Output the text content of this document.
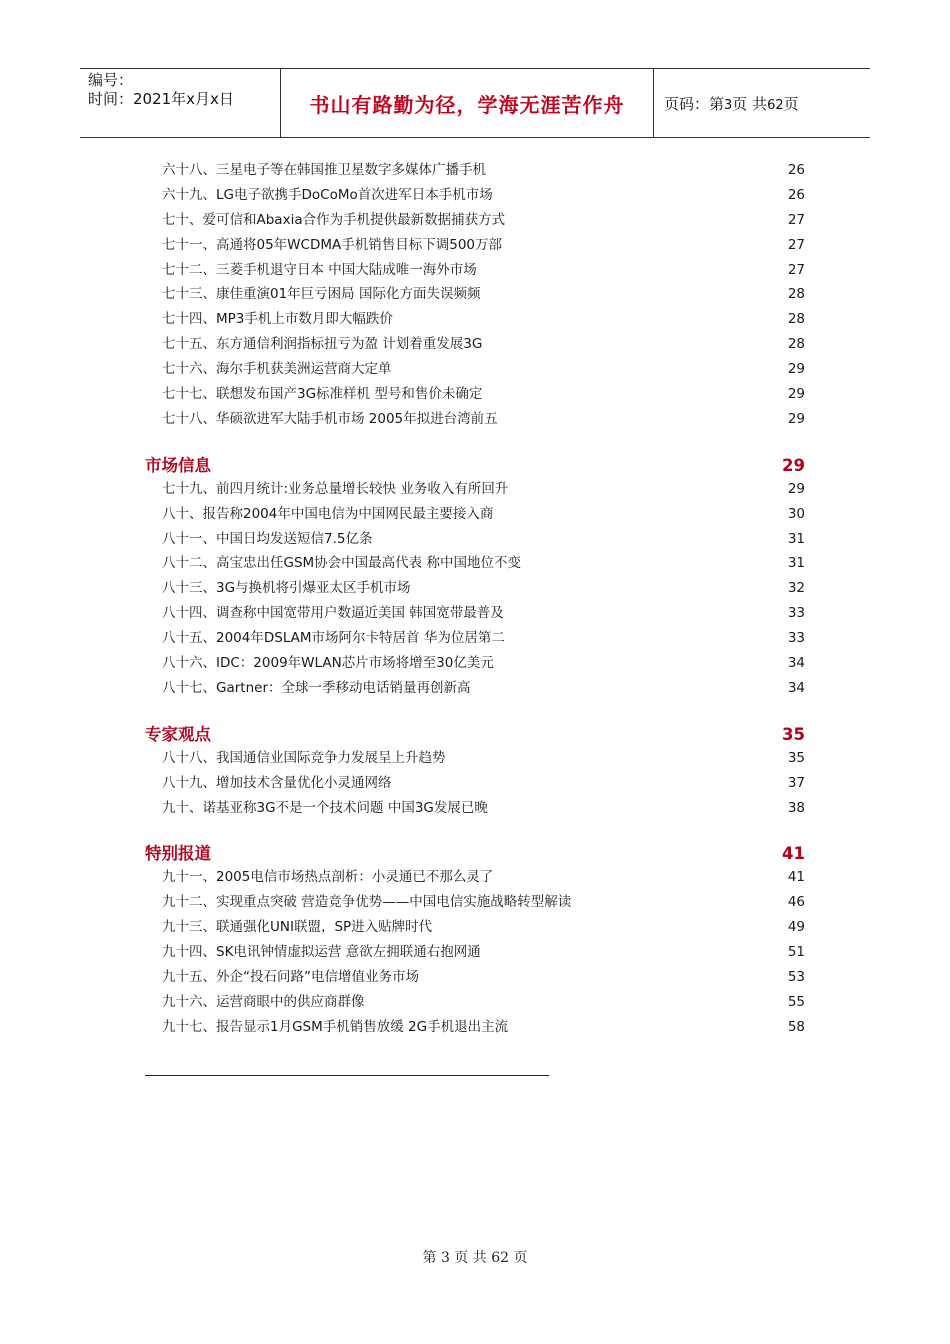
编号：
时间：2021年x月x日	书山有路勤为径，学海无涯苦作舟	页码：第3页 共62页
六十八、三星电子等在韩国推卫星数字多媒体广播手机	26
六十九、LG电子欲携手DoCoMo首次进军日本手机市场	26
七十、爱可信和Abaxia合作为手机提供最新数据捕获方式	27
七十一、高通将05年WCDMA手机销售目标下调500万部	27
七十二、三菱手机退守日本 中国大陆成唯一海外市场	27
七十三、康佳重演01年巨亏困局 国际化方面失误频频	28
七十四、MP3手机上市数月即大幅跌价	28
七十五、东方通信利润指标扭亏为盈 计划着重发展3G	28
七十六、海尔手机获美洲运营商大定单	29
七十七、联想发布国产3G标准样机 型号和售价未确定	29
七十八、华硕欲进军大陆手机市场 2005年拟进台湾前五	29
市场信息	29
七十九、前四月统计:业务总量增长较快 业务收入有所回升	29
八十、报告称2004年中国电信为中国网民最主要接入商	30
八十一、中国日均发送短信7.5亿条	31
八十二、高宝忠出任GSM协会中国最高代表 称中国地位不变	31
八十三、3G与换机将引爆亚太区手机市场	32
八十四、调查称中国宽带用户数逼近美国 韩国宽带最普及	33
八十五、2004年DSLAM市场阿尔卡特居首 华为位居第二	33
八十六、IDC：2009年WLAN芯片市场将增至30亿美元	34
八十七、Gartner：全球一季移动电话销量再创新高	34
专家观点	35
八十八、我国通信业国际竞争力发展呈上升趋势	35
八十九、增加技术含量优化小灵通网络	37
九十、诺基亚称3G不是一个技术问题 中国3G发展已晚	38
特别报道	41
九十一、2005电信市场热点剖析：小灵通已不那么灵了	41
九十二、实现重点突破 营造竞争优势——中国电信实施战略转型解读	46
九十三、联通强化UNI联盟，SP进入贴牌时代	49
九十四、SK电讯钟情虚拟运营 意欲左拥联通右抱网通	51
九十五、外企“投石问路”电信增值业务市场	53
九十六、运营商眼中的供应商群像	55
九十七、报告显示1月GSM手机销售放缓 2G手机退出主流	58
第 3 页 共 62 页
